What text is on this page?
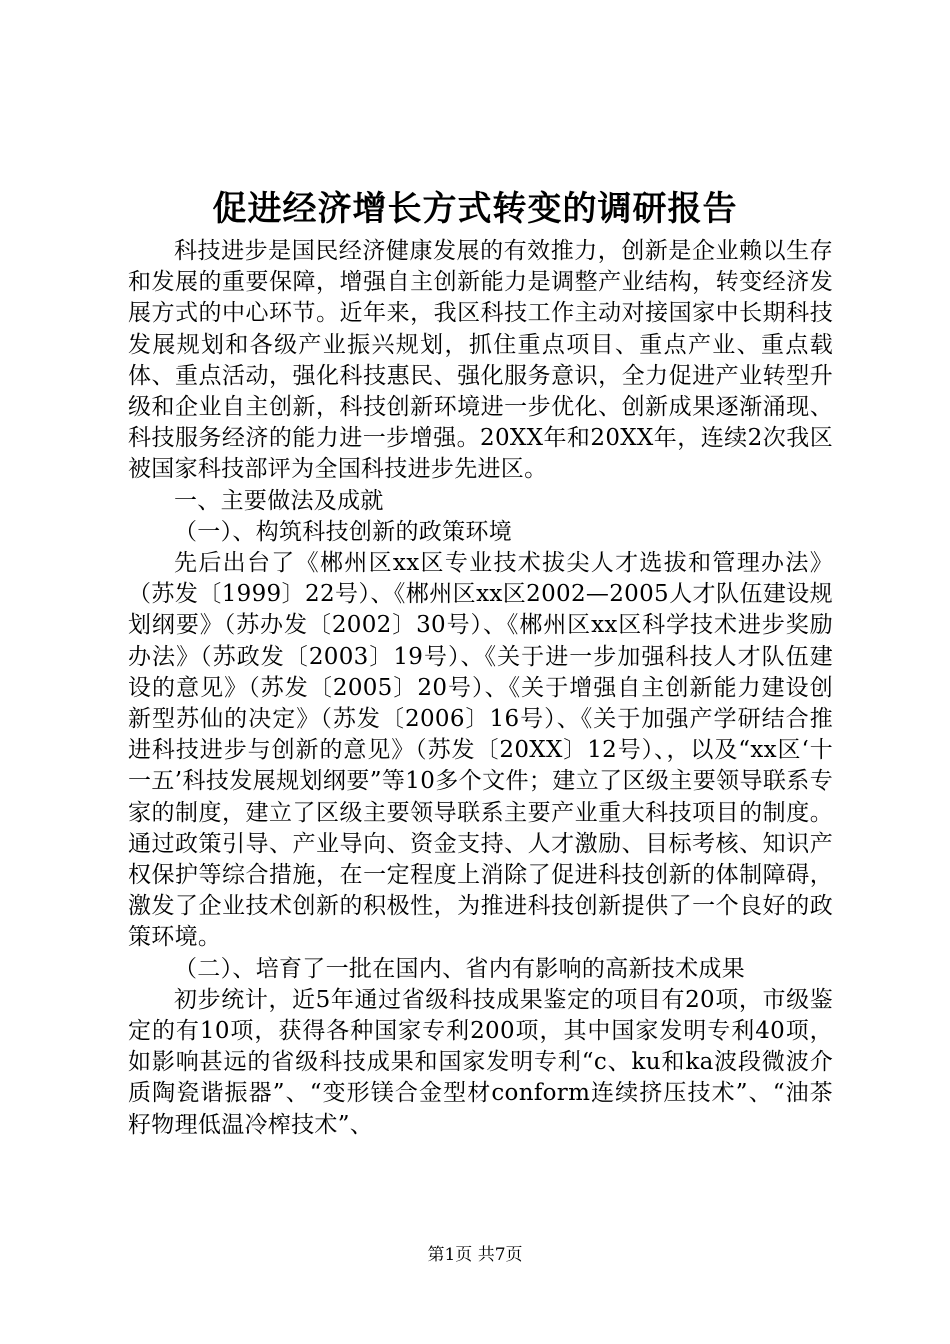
促进经济增长方式转变的调研报告

科技进步是国民经济健康发展的有效推力，创新是企业赖以生存和发展的重要保障，增强自主创新能力是调整产业结构，转变经济发展方式的中心环节。近年来，我区科技工作主动对接国家中长期科技发展规划和各级产业振兴规划，抓住重点项目、重点产业、重点载体、重点活动，强化科技惠民、强化服务意识，全力促进产业转型升级和企业自主创新，科技创新环境进一步优化、创新成果逐渐涌现、科技服务经济的能力进一步增强。20XX年和20XX年，连续2次我区被国家科技部评为全国科技进步先进区。

一、主要做法及成就

（一）、构筑科技创新的政策环境

先后出台了《郴州区xx区专业技术拔尖人才选拔和管理办法》（苏发〔1999〕22号）、《郴州区xx区2002—2005人才队伍建设规划纲要》（苏办发〔2002〕30号）、《郴州区xx区科学技术进步奖励办法》（苏政发〔2003〕19号）、《关于进一步加强科技人才队伍建设的意见》（苏发〔2005〕20号）、《关于增强自主创新能力建设创新型苏仙的决定》（苏发〔2006〕16号）、《关于加强产学研结合推进科技进步与创新的意见》（苏发〔20XX〕12号）、，以及“xx区‘十一五’科技发展规划纲要”等10多个文件；建立了区级主要领导联系专家的制度，建立了区级主要领导联系主要产业重大科技项目的制度。通过政策引导、产业导向、资金支持、人才激励、目标考核、知识产权保护等综合措施，在一定程度上消除了促进科技创新的体制障碍，激发了企业技术创新的积极性，为推进科技创新提供了一个良好的政策环境。

（二）、培育了一批在国内、省内有影响的高新技术成果

初步统计，近5年通过省级科技成果鉴定的项目有20项，市级鉴定的有10项，获得各种国家专利200项，其中国家发明专利40项，如影响甚远的省级科技成果和国家发明专利“c、ku和ka波段微波介质陶瓷谐振器”、“变形镁合金型材conform连续挤压技术”、“油茶籽物理低温冷榨技术”、

第1页 共7页
